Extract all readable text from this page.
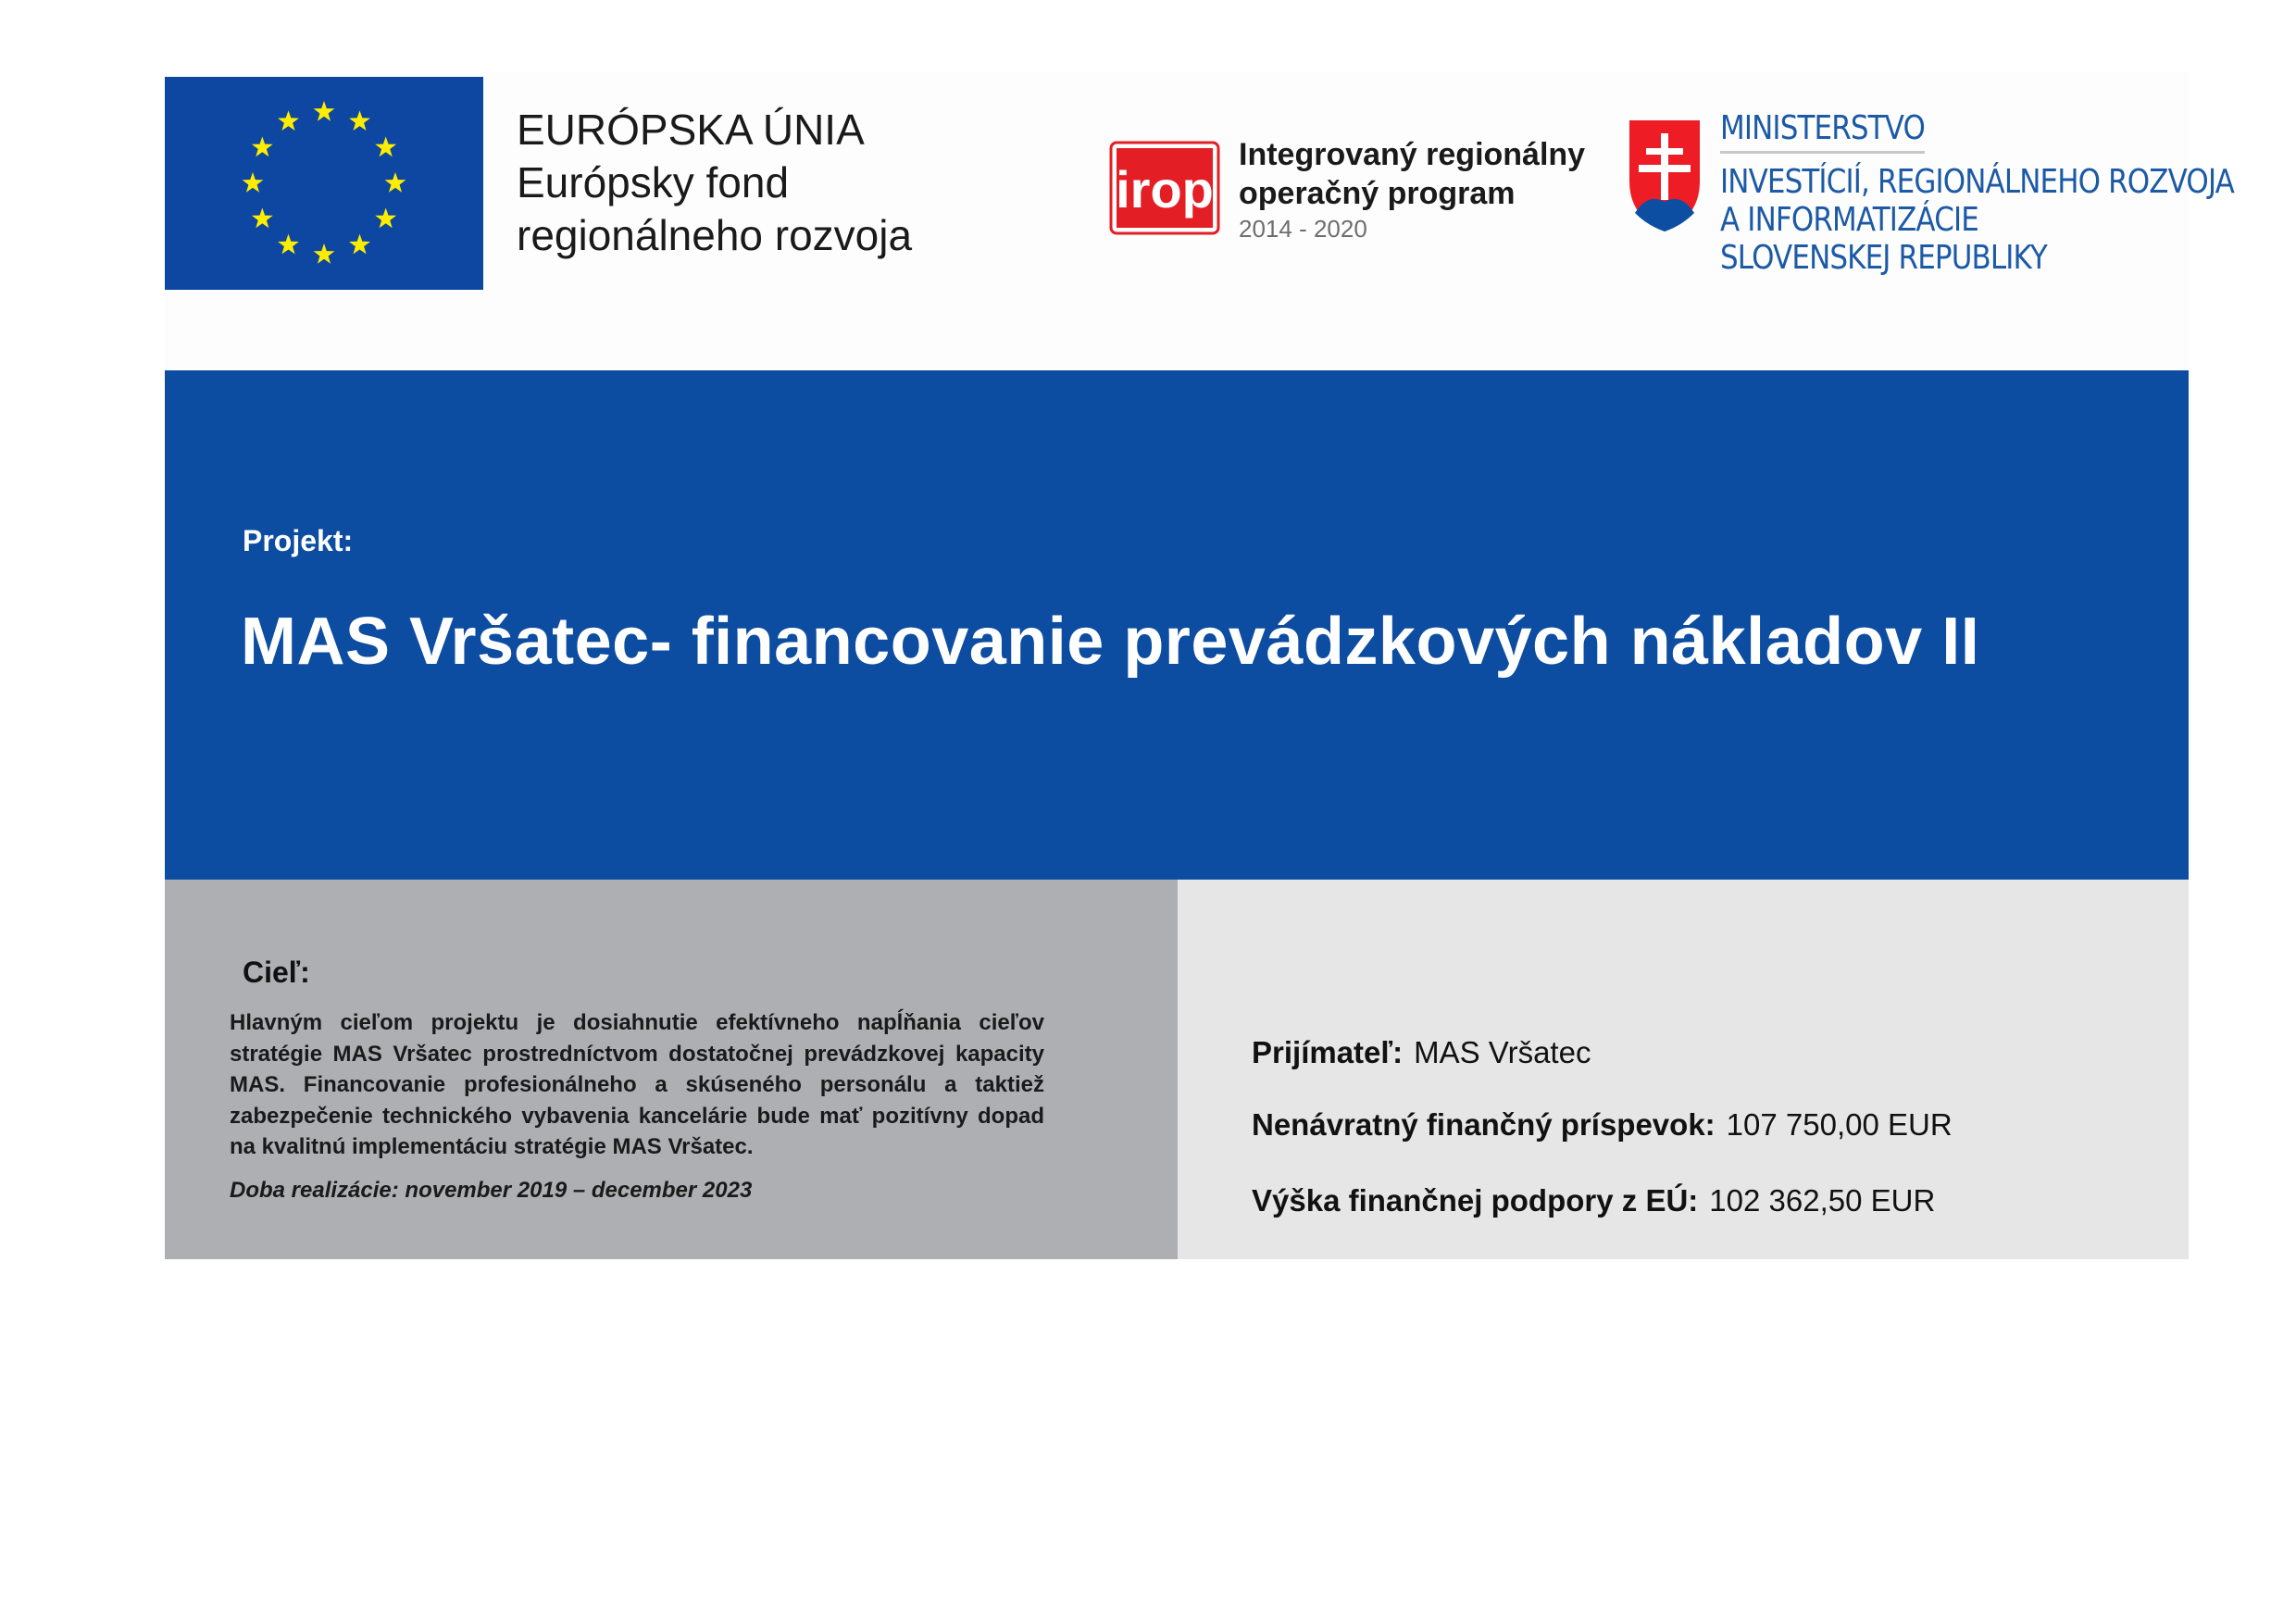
EURÓPSKA ÚNIA
Európsky fond
regionálneho rozvoja
irop
Integrovaný regionálny
operačný program
2014 - 2020
MINISTERSTVO
INVESTÍCIÍ, REGIONÁLNEHO ROZVOJA
A INFORMATIZÁCIE
SLOVENSKEJ REPUBLIKY
Projekt:
MAS Vršatec- financovanie prevádzkových nákladov II
Cieľ:
Hlavným cieľom projektu je dosiahnutie efektívneho napĺňania cieľov stratégie MAS Vršatec prostredníctvom dostatočnej prevádzkovej kapacity MAS. Financovanie profesionálneho a skúseného personálu a taktiež zabezpečenie technického vybavenia kancelárie bude mať pozitívny dopad na kvalitnú implementáciu stratégie MAS Vršatec.
Doba realizácie: november 2019 – december 2023
Prijímateľ: MAS Vršatec
Nenávratný finančný príspevok: 107 750,00 EUR
Výška finančnej podpory z EÚ: 102 362,50 EUR
